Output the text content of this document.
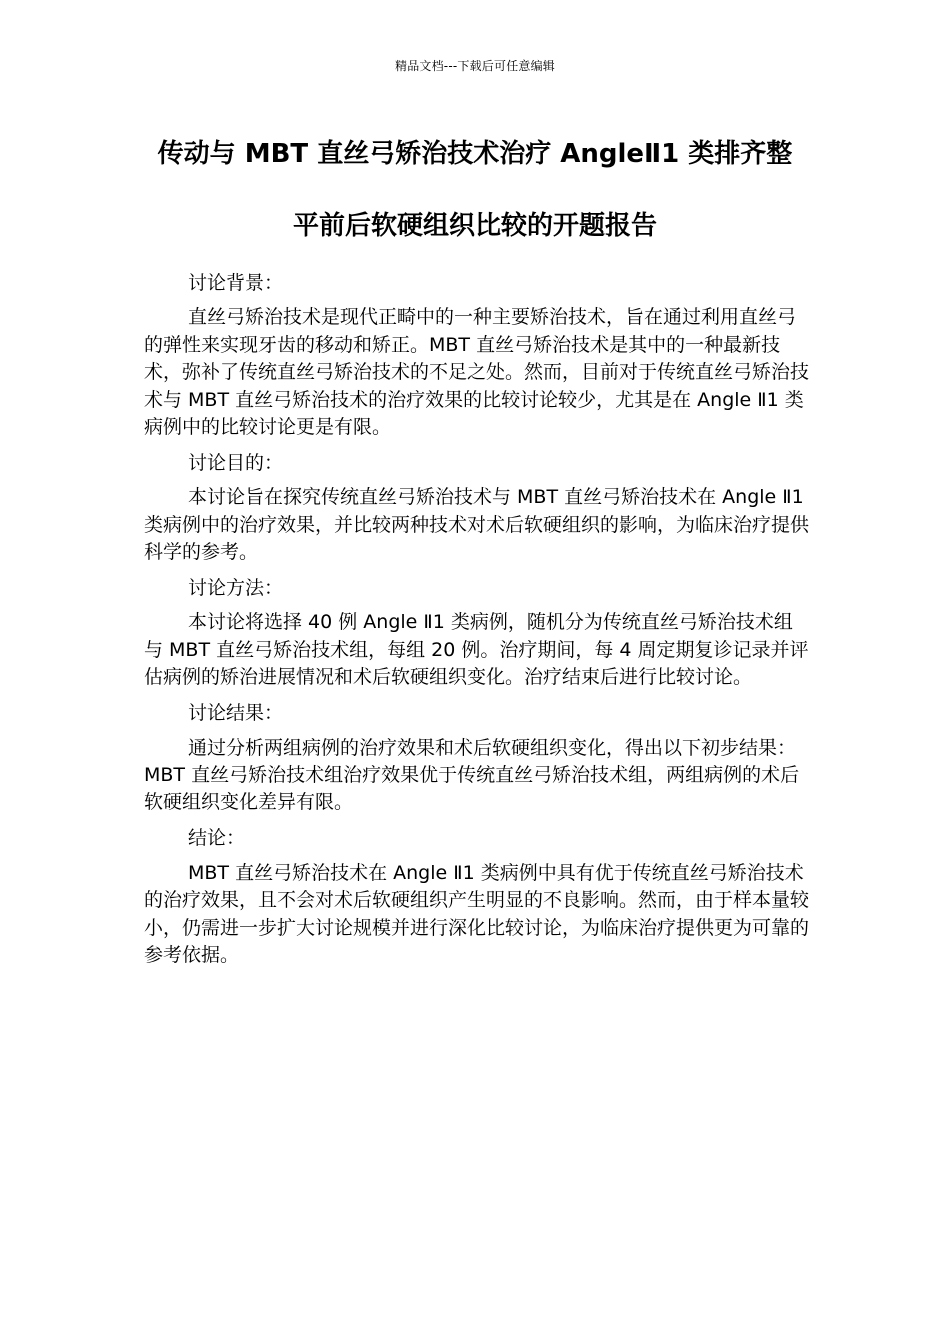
精品文档---下载后可任意编辑
传动与 MBT 直丝弓矫治技术治疗 AngleⅡ1 类排齐整
平前后软硬组织比较的开题报告

讨论背景：

直丝弓矫治技术是现代正畸中的一种主要矫治技术，旨在通过利用直丝弓的弹性来实现牙齿的移动和矫正。MBT 直丝弓矫治技术是其中的一种最新技术，弥补了传统直丝弓矫治技术的不足之处。然而，目前对于传统直丝弓矫治技术与 MBT 直丝弓矫治技术的治疗效果的比较讨论较少，尤其是在 Angle Ⅱ1 类病例中的比较讨论更是有限。

讨论目的：

本讨论旨在探究传统直丝弓矫治技术与 MBT 直丝弓矫治技术在 Angle Ⅱ1 类病例中的治疗效果，并比较两种技术对术后软硬组织的影响，为临床治疗提供科学的参考。

讨论方法：

本讨论将选择 40 例 Angle Ⅱ1 类病例，随机分为传统直丝弓矫治技术组与 MBT 直丝弓矫治技术组，每组 20 例。治疗期间，每 4 周定期复诊记录并评估病例的矫治进展情况和术后软硬组织变化。治疗结束后进行比较讨论。

讨论结果：

通过分析两组病例的治疗效果和术后软硬组织变化，得出以下初步结果：MBT 直丝弓矫治技术组治疗效果优于传统直丝弓矫治技术组，两组病例的术后软硬组织变化差异有限。

结论：

MBT 直丝弓矫治技术在 Angle Ⅱ1 类病例中具有优于传统直丝弓矫治技术的治疗效果，且不会对术后软硬组织产生明显的不良影响。然而，由于样本量较小，仍需进一步扩大讨论规模并进行深化比较讨论，为临床治疗提供更为可靠的参考依据。
